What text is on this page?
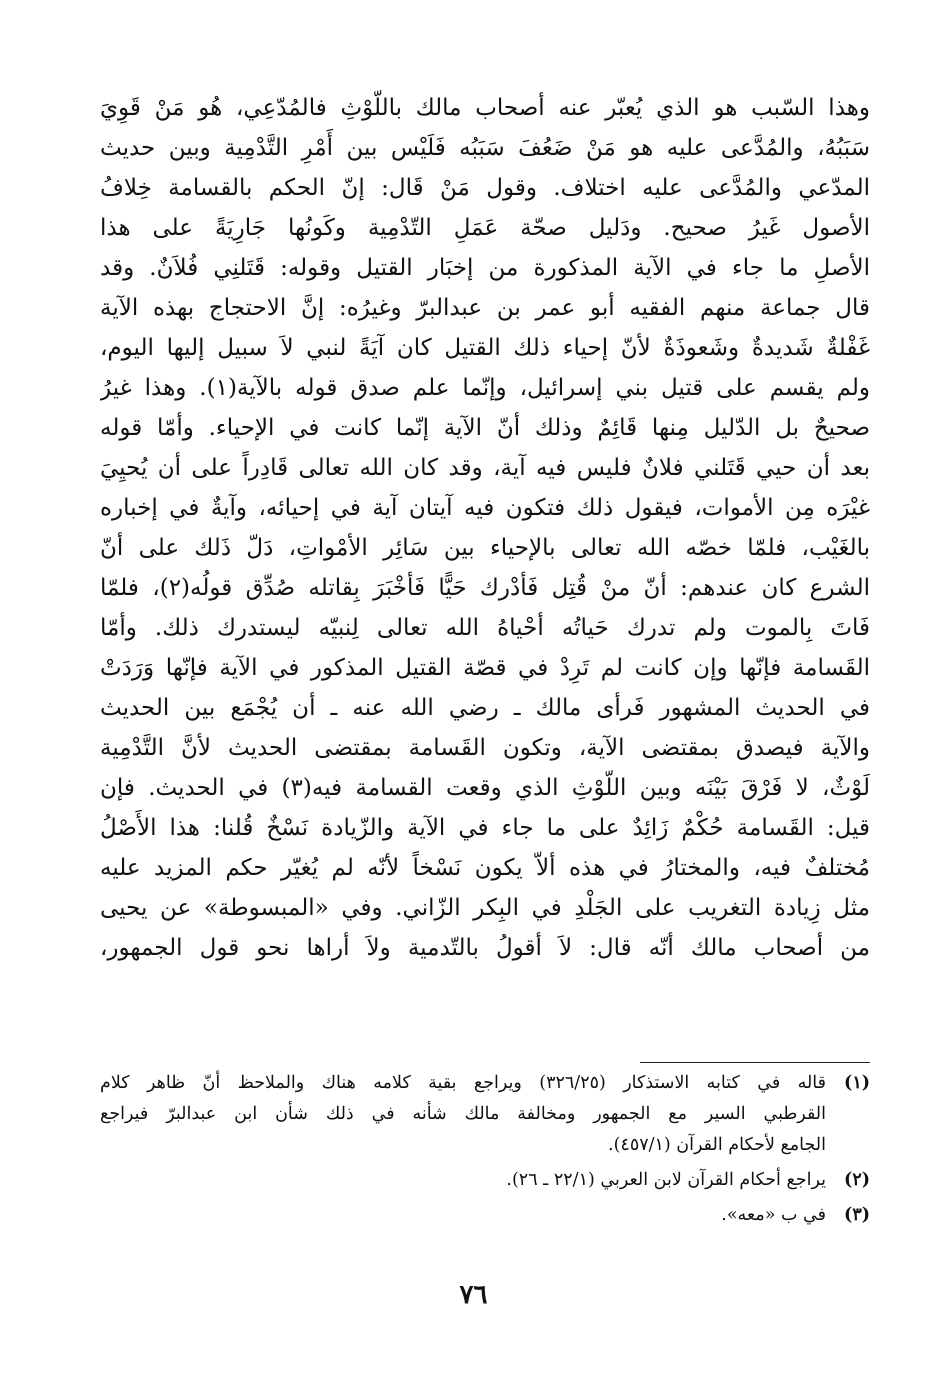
وهذا السّبب هو الذي يُعبّر عنه أصحاب مالك باللّوْثِ فالمُدّعِي، هُو مَنْ قَوِيَ
سَبَبُهُ، والمُدَّعى عليه هو مَنْ ضَعُفَ سَبَبُه فَلَيْس بين أَمْرِ التَّدْمِية وبين حديث
المدّعي والمُدَّعى عليه اختلاف. وقول مَنْ قَال: إنّ الحكم بالقسامة خِلافُ
الأصول غَيرُ صحيح. ودَليل صحّة عَمَلِ التّدْمِية وكَونُها جَارِيَةً على هذا
الأصلِ ما جاء في الآية المذكورة من إخبَار القتيل وقوله: قَتَلنِي فُلاَنٌ. وقد
قال جماعة منهم الفقيه أبو عمر بن عبدالبرّ وغيرُه: إنَّ الاحتجاج بهذه الآية
غَفْلةٌ شَديدةٌ وشَعوذَةٌ لأنّ إحياء ذلك القتيل كان آيَةً لنبي لاَ سبيل إليها اليوم،
ولم يقسم على قتيل بني إسرائيل، وإنّما علم صدق قوله بالآية(١). وهذا غيرُ
صحيحٌ بل الدّليل مِنها قَائِمٌ وذلك أنّ الآية إنّما كانت في الإحياء. وأمّا قوله
بعد أن حيي قَتَلني فلانٌ فليس فيه آية، وقد كان الله تعالى قَادِراً على أن يُحيِيَ
غيْرَه مِن الأموات، فيقول ذلك فتكون فيه آيتان آية في إحيائه، وآيةٌ في إخباره
بالغَيْب، فلمّا خصّه الله تعالى بالإحياء بين سَائِر الأمْواتِ، دَلّ ذَلك على أنّ
الشرع كان عندهم: أنّ منْ قُتِل فَأدْرك حَيًّا فَأخْبَرَ بِقاتله صُدِّق قولُه(٢)، فلمّا
فَاتَ بِالموت ولم تدرك حَياتُه أحْياهُ الله تعالى لِنبيّه ليستدرك ذلك. وأمّا
القَسامة فإنّها وإن كانت لم تَرِدْ في قصّة القتيل المذكور في الآية فإنّها وَرَدَتْ
في الحديث المشهور فَرأى مالك ـ رضي الله عنه ـ أن يُجْمَع بين الحديث
والآية فيصدق بمقتضى الآية، وتكون القَسامة بمقتضى الحديث لأنَّ التَّدْمِية
لَوْثٌ، لا فَرْقَ بَيْنَه وبين اللّوْثِ الذي وقعت القسامة فيه(٣) في الحديث. فإن
قيل: القَسامة حُكْمٌ زَائِدٌ على ما جاء في الآية والزّيادة نَسْخٌ قُلنا: هذا الأَصْلُ
مُختلفٌ فيه، والمختارُ في هذه ألاّ يكون نَسْخاً لأنّه لم يُغيّر حكم المزيد عليه
مثل زِيادة التغريب على الجَلْدِ في البِكر الزّاني. وفي «المبسوطة» عن يحيى
من أصحاب مالك أنّه قال: لاَ أقولُ بالتّدمية ولاَ أراها نحو قول الجمهور،
(١)
قاله في كتابه الاستذكار (٣٢٦/٢٥) ويراجع بقية كلامه هناك والملاحظ أنّ ظاهر كلام
القرطبي السير مع الجمهور ومخالفة مالك شأنه في ذلك شأن ابن عبدالبرّ فيراجع
الجامع لأحكام القرآن (٤٥٧/١).
(٢)
يراجع أحكام القرآن لابن العربي (٢٢/١ ـ ٢٦).
(٣)
في ب «معه».
٧٦
